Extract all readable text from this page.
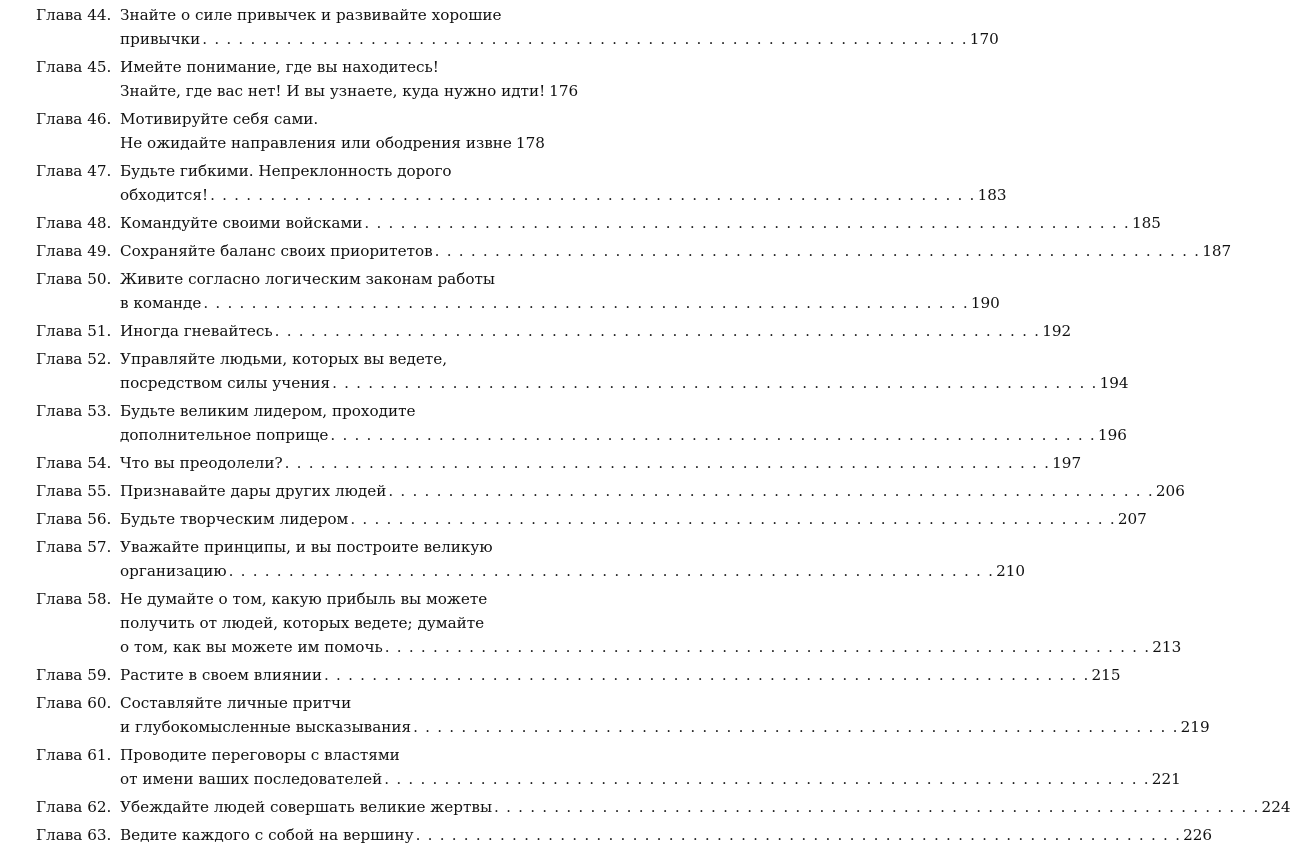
Глава 44. Знайте о силе привычек и развивайте хорошие
привычки . . . . . . . . . . . . . . . . . . . . . . . . . . . . . . . . . . . . . . . . . . . . . . . . . . . . . . . . . . . . . . . . 170
Глава 45. Имейте понимание, где вы находитесь!
Знайте, где вас нет! И вы узнаете, куда нужно идти! 176
Глава 46. Мотивируйте себя сами.
Не ожидайте направления или ободрения извне 178
Глава 47. Будьте гибкими. Непреклонность дорого
обходится! . . . . . . . . . . . . . . . . . . . . . . . . . . . . . . . . . . . . . . . . . . . . . . . . . . . . . . . . . . . . . . . . 183
Глава 48. Командуйте своими войсками . . . . . . . . . . . . . . . . . . . . . . . . . . . . . . . . . . . . . . . . . . . . . . . . . . . . . . . . . . . . . . . . 185
Глава 49. Сохраняйте баланс своих приоритетов . . . . . . . . . . . . . . . . . . . . . . . . . . . . . . . . . . . . . . . . . . . . . . . . . . . . . . . . . . . . . . . . 187
Глава 50. Живите согласно логическим законам работы
в команде . . . . . . . . . . . . . . . . . . . . . . . . . . . . . . . . . . . . . . . . . . . . . . . . . . . . . . . . . . . . . . . . 190
Глава 51. Иногда гневайтесь . . . . . . . . . . . . . . . . . . . . . . . . . . . . . . . . . . . . . . . . . . . . . . . . . . . . . . . . . . . . . . . . 192
Глава 52. Управляйте людьми, которых вы ведете,
посредством силы учения . . . . . . . . . . . . . . . . . . . . . . . . . . . . . . . . . . . . . . . . . . . . . . . . . . . . . . . . . . . . . . . . 194
Глава 53. Будьте великим лидером, проходите
дополнительное поприще . . . . . . . . . . . . . . . . . . . . . . . . . . . . . . . . . . . . . . . . . . . . . . . . . . . . . . . . . . . . . . . . 196
Глава 54. Что вы преодолели? . . . . . . . . . . . . . . . . . . . . . . . . . . . . . . . . . . . . . . . . . . . . . . . . . . . . . . . . . . . . . . . . 197
Глава 55. Признавайте дары других людей . . . . . . . . . . . . . . . . . . . . . . . . . . . . . . . . . . . . . . . . . . . . . . . . . . . . . . . . . . . . . . . . 206
Глава 56. Будьте творческим лидером . . . . . . . . . . . . . . . . . . . . . . . . . . . . . . . . . . . . . . . . . . . . . . . . . . . . . . . . . . . . . . . . 207
Глава 57. Уважайте принципы, и вы построите великую
организацию . . . . . . . . . . . . . . . . . . . . . . . . . . . . . . . . . . . . . . . . . . . . . . . . . . . . . . . . . . . . . . . . 210
Глава 58. Не думайте о том, какую прибыль вы можете
получить от людей, которых ведете; думайте
о том, как вы можете им помочь . . . . . . . . . . . . . . . . . . . . . . . . . . . . . . . . . . . . . . . . . . . . . . . . . . . . . . . . . . . . . . . . 213
Глава 59. Растите в своем влиянии . . . . . . . . . . . . . . . . . . . . . . . . . . . . . . . . . . . . . . . . . . . . . . . . . . . . . . . . . . . . . . . . 215
Глава 60. Составляйте личные притчи
и глубокомысленные высказывания . . . . . . . . . . . . . . . . . . . . . . . . . . . . . . . . . . . . . . . . . . . . . . . . . . . . . . . . . . . . . . . . 219
Глава 61. Проводите переговоры с властями
от имени ваших последователей . . . . . . . . . . . . . . . . . . . . . . . . . . . . . . . . . . . . . . . . . . . . . . . . . . . . . . . . . . . . . . . . 221
Глава 62. Убеждайте людей совершать великие жертвы . . . . . . . . . . . . . . . . . . . . . . . . . . . . . . . . . . . . . . . . . . . . . . . . . . . . . . . . . . . . . . . . 224
Глава 63. Ведите каждого с собой на вершину . . . . . . . . . . . . . . . . . . . . . . . . . . . . . . . . . . . . . . . . . . . . . . . . . . . . . . . . . . . . . . . . 226
